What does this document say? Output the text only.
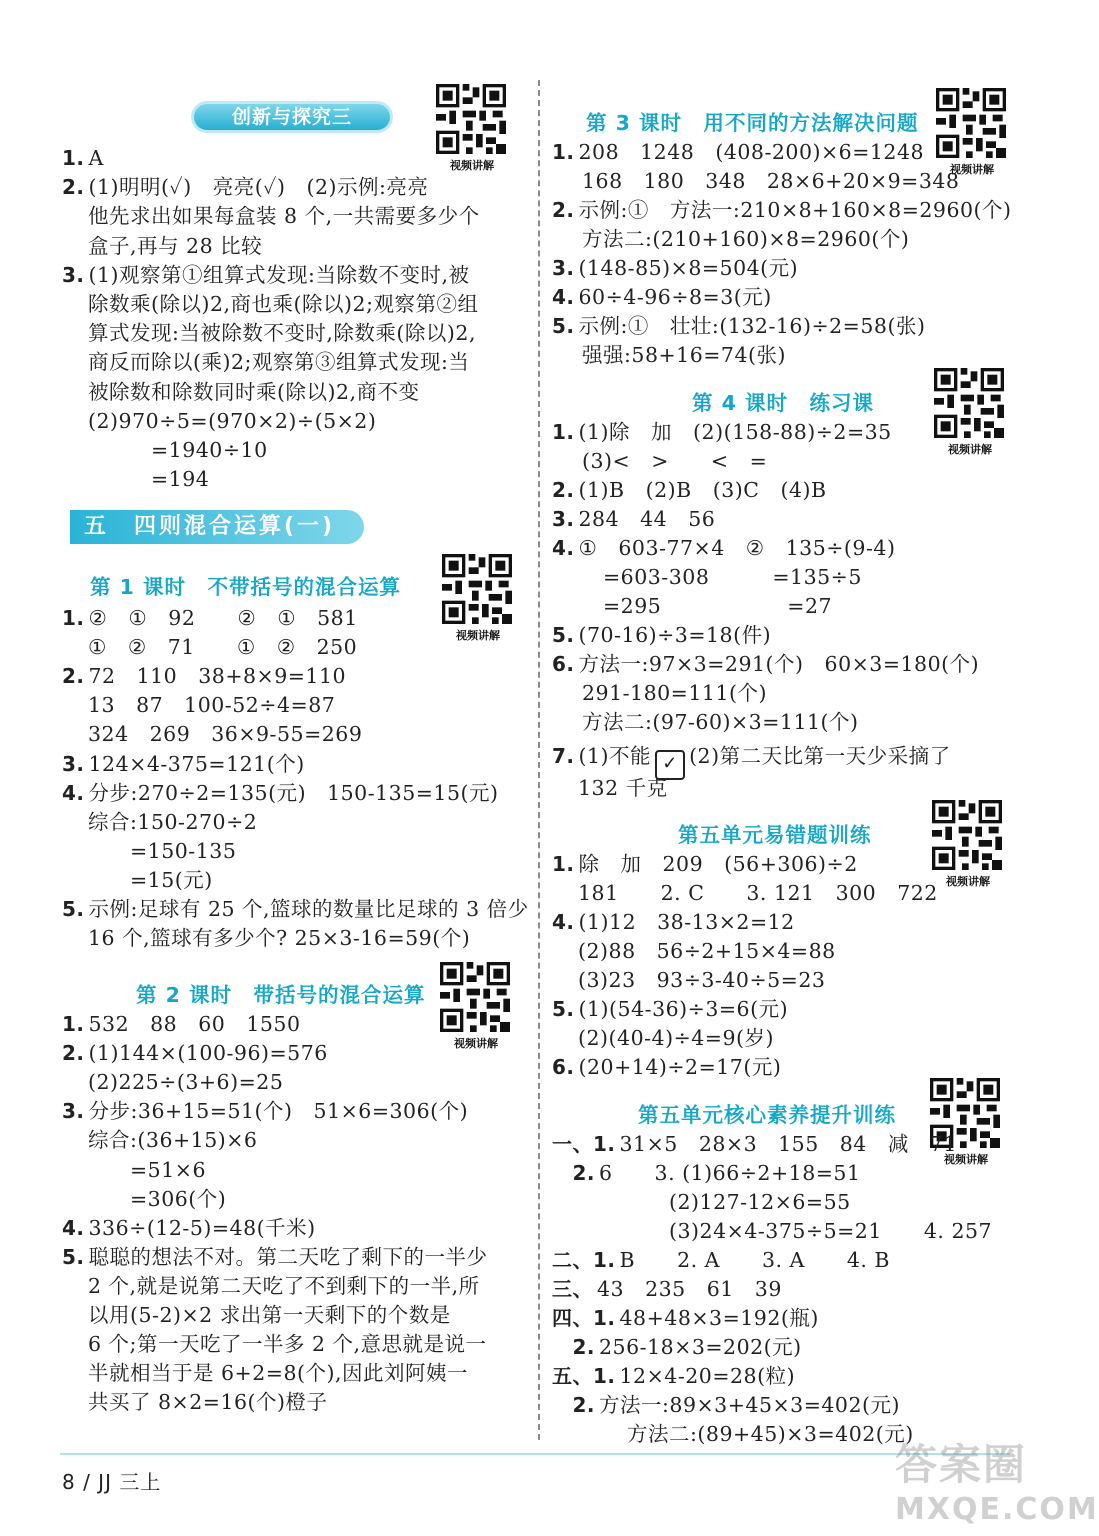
创新与探究三
视频讲解
1. A
2. (1)明明(✓)　亮亮(✓)　(2)示例:亮亮
他先求出如果每盒装 8 个,一共需要多少个
盒子,再与 28 比较
3. (1)观察第①组算式发现:当除数不变时,被
除数乘(除以)2,商也乘(除以)2;观察第②组
算式发现:当被除数不变时,除数乘(除以)2,
商反而除以(乘)2;观察第③组算式发现:当
被除数和除数同时乘(除以)2,商不变
(2)970÷5=(970×2)÷(5×2)
　　　=1940÷10
　　　=194
五　四则混合运算(一)
第 1 课时　不带括号的混合运算
视频讲解
1. ②　①　92　　②　①　581
①　②　71　　①　②　250
2. 72　110　38+8×9=110
13　87　100-52÷4=87
324　269　36×9-55=269
3. 124×4-375=121(个)
4. 分步:270÷2=135(元)　150-135=15(元)
综合:150-270÷2
　　=150-135
　　=15(元)
5. 示例:足球有 25 个,篮球的数量比足球的 3 倍少
16 个,篮球有多少个? 25×3-16=59(个)
第 2 课时　带括号的混合运算
视频讲解
1. 532　88　60　1550
2. (1)144×(100-96)=576
(2)225÷(3+6)=25
3. 分步:36+15=51(个)　51×6=306(个)
综合:(36+15)×6
　　=51×6
　　=306(个)
4. 336÷(12-5)=48(千米)
5. 聪聪的想法不对。第二天吃了剩下的一半少
2 个,就是说第二天吃了不到剩下的一半,所
以用(5-2)×2 求出第一天剩下的个数是
6 个;第一天吃了一半多 2 个,意思就是说一
半就相当于是 6+2=8(个),因此刘阿姨一
共买了 8×2=16(个)橙子
第 3 课时　用不同的方法解决问题
视频讲解
1. 208　1248　(408-200)×6=1248
168　180　348　28×6+20×9=348
2. 示例:①　方法一:210×8+160×8=2960(个)
方法二:(210+160)×8=2960(个)
3. (148-85)×8=504(元)
4. 60÷4-96÷8=3(元)
5. 示例:①　壮壮:(132-16)÷2=58(张)
强强:58+16=74(张)
第 4 课时　练习课
视频讲解
1. (1)除　加　(2)(158-88)÷2=35
(3)<　>　　<　=
2. (1)B　(2)B　(3)C　(4)B
3. 284　44　56
4. ①　603-77×4　②　135÷(9-4)
　=603-308　　　=135÷5
　=295　　　　　　=27
5. (70-16)÷3=18(件)
6. 方法一:97×3=291(个)　60×3=180(个)
291-180=111(个)
方法二:(97-60)×3=111(个)
7. (1)不能 ✓ (2)第二天比第一天少采摘了
132 千克
第五单元易错题训练
视频讲解
1. 除　加　209　(56+306)÷2
181　　2. C　　3. 121　300　722
4. (1)12　38-13×2=12
(2)88　56÷2+15×4=88
(3)23　93÷3-40÷5=23
5. (1)(54-36)÷3=6(元)
(2)(40-4)÷4=9(岁)
6. (20+14)÷2=17(元)
第五单元核心素养提升训练
视频讲解
一、1. 31×5　28×3　155　84　减　71
　2. 6　　3. (1)66÷2+18=51
　　　(2)127-12×6=55
　　　(3)24×4-375÷5=21　　4. 257
二、1. B　　2. A　　3. A　　4. B
三、 43　235　61　39
四、1. 48+48×3=192(瓶)
　2. 256-18×3=202(元)
五、1. 12×4-20=28(粒)
　2. 方法一:89×3+45×3=402(元)
　方法二:(89+45)×3=402(元)
8 / JJ 三上	答案圈
MXQE.COM
